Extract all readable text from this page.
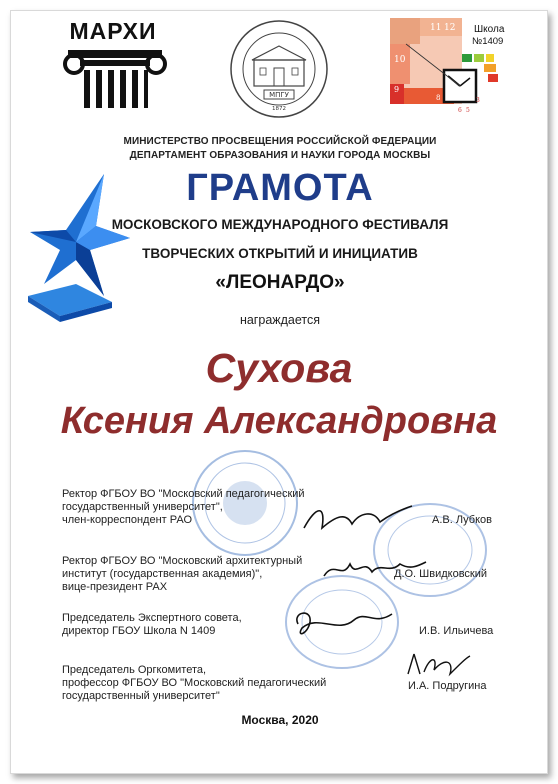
МАРХИ
МПГУ
1872
11 12
10
9
8
6 5
3
Школа
№1409
МИНИСТЕРСТВО ПРОСВЕЩЕНИЯ РОССИЙСКОЙ ФЕДЕРАЦИИ
ДЕПАРТАМЕНТ ОБРАЗОВАНИЯ И НАУКИ ГОРОДА МОСКВЫ
ГРАМОТА
МОСКОВСКОГО МЕЖДУНАРОДНОГО ФЕСТИВАЛЯ
ТВОРЧЕСКИХ ОТКРЫТИЙ И ИНИЦИАТИВ
«ЛЕОНАРДО»
награждается
Сухова
Ксения Александровна
Ректор ФГБОУ ВО "Московский педагогический
государственный университет",
член-корреспондент РАО	А.В. Лубков
Ректор ФГБОУ ВО "Московский архитектурный
институт (государственная академия)",
вице-президент РАХ
Д.О. Швидковский
Председатель Экспертного совета,
директор ГБОУ Школа N 1409	И.В. Ильичева
Председатель Оргкомитета,
профессор ФГБОУ ВО "Московский педагогический
государственный университет"
И.А. Подругина
Москва, 2020
